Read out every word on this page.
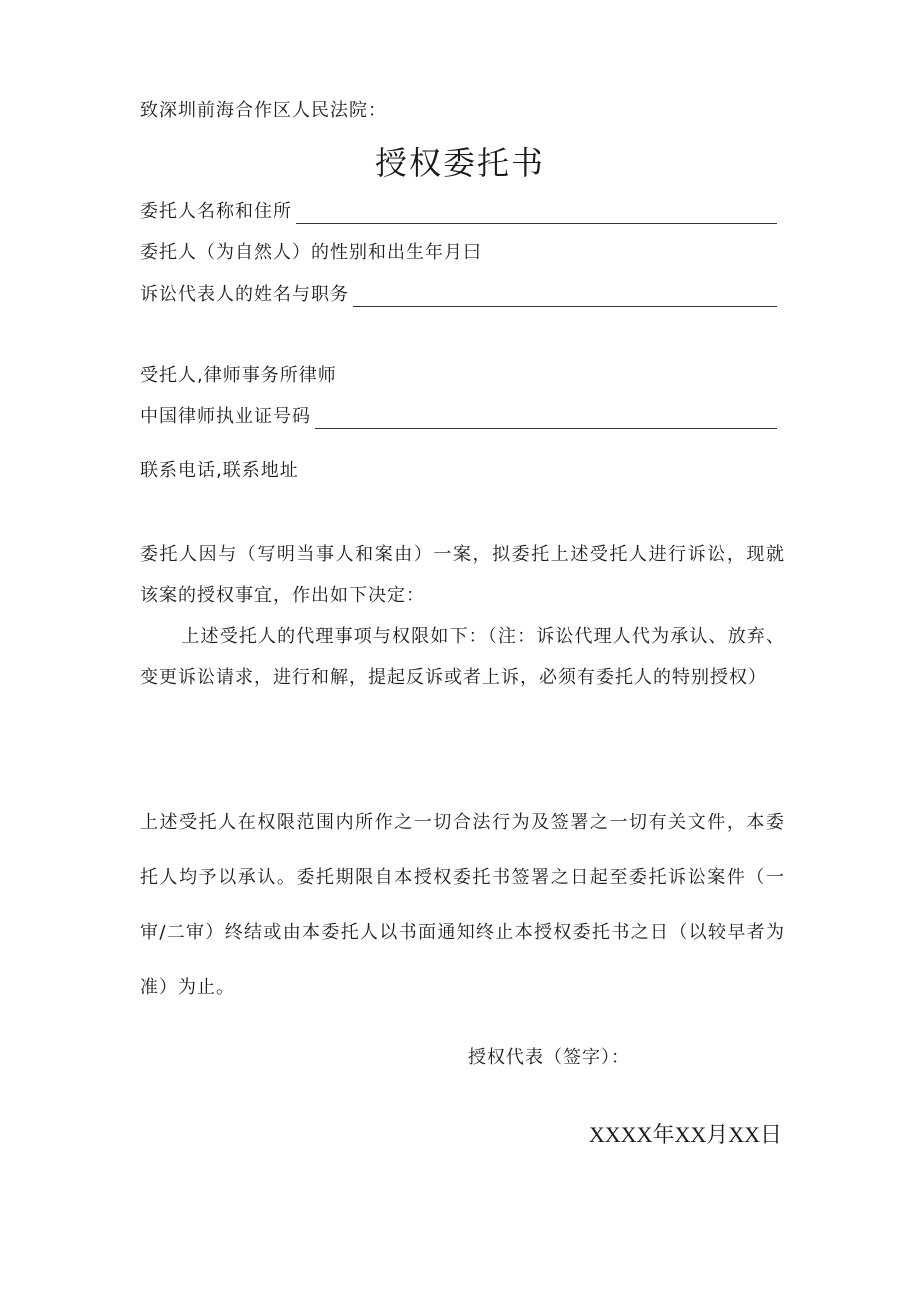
致深圳前海合作区人民法院：
授权委托书
委托人名称和住所
委托人（为自然人）的性别和出生年月曰
诉讼代表人的姓名与职务
受托人,律师事务所律师
中国律师执业证号码
联系电话,联系地址

委托人因与（写明当事人和案由）一案，拟委托上述受托人进行诉讼，现就该案的授权事宜，作出如下决定：

上述受托人的代理事项与权限如下：（注：诉讼代理人代为承认、放弃、变更诉讼请求，进行和解，提起反诉或者上诉，必须有委托人的特别授权）

上述受托人在权限范围内所作之一切合法行为及签署之一切有关文件，本委托人均予以承认。委托期限自本授权委托书签署之日起至委托诉讼案件（一审/二审）终结或由本委托人以书面通知终止本授权委托书之日（以较早者为准）为止。

授权代表（签字）：
XXXX年XX月XX日
